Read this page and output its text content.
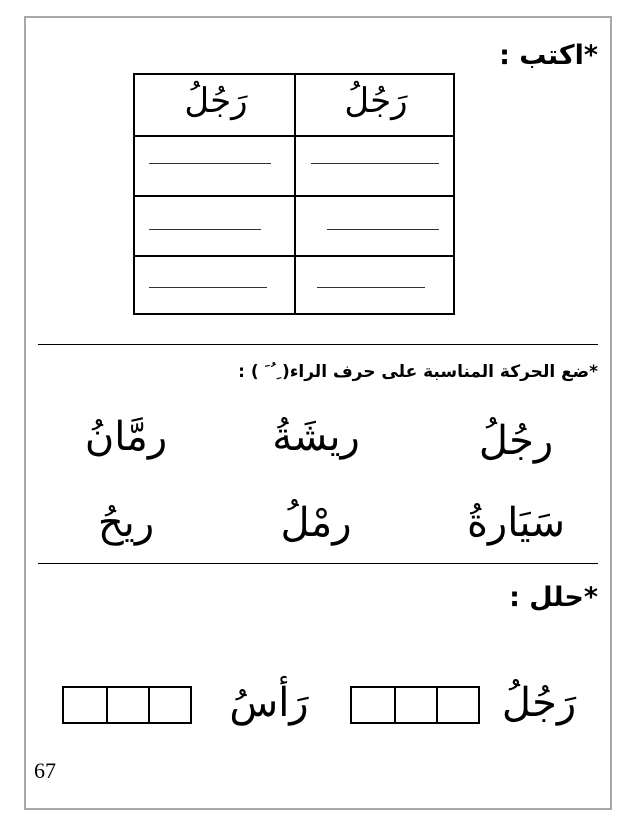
*اكتب :
رَجُلُ
رَجُلُ
*ضع الحركة المناسبة على حرف الراء( ِ ُ َ ) :
رجُلُ
ريشَةُ
رمَّانُ
سَيَارةُ
رمْلُ
ريحُ
*حلل :
رَجُلُ
رَأسُ
67
